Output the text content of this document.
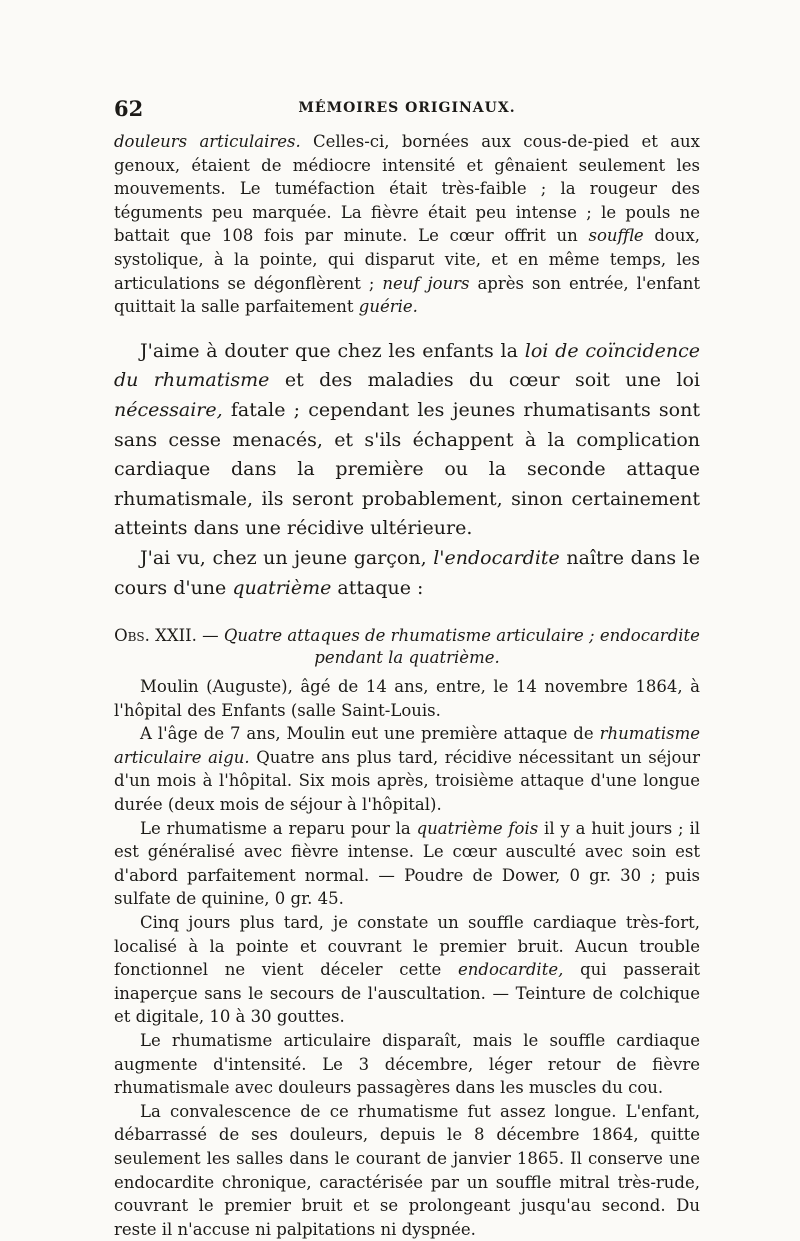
62	MÉMOIRES ORIGINAUX.

douleurs articulaires. Celles-ci, bornées aux cous-de-pied et aux genoux, étaient de médiocre intensité et gênaient seulement les mouvements. Le tuméfaction était très-faible ; la rougeur des téguments peu marquée. La fièvre était peu intense ; le pouls ne battait que 108 fois par minute. Le cœur offrit un souffle doux, systolique, à la pointe, qui disparut vite, et en même temps, les articulations se dégonflèrent ; neuf jours après son entrée, l'enfant quittait la salle parfaitement guérie.

J'aime à douter que chez les enfants la loi de coïncidence du rhumatisme et des maladies du cœur soit une loi nécessaire, fatale ; cependant les jeunes rhumatisants sont sans cesse menacés, et s'ils échappent à la complication cardiaque dans la première ou la seconde attaque rhumatismale, ils seront probablement, sinon certainement atteints dans une récidive ultérieure.

J'ai vu, chez un jeune garçon, l'endocardite naître dans le cours d'une quatrième attaque :

Obs. XXII. — Quatre attaques de rhumatisme articulaire ; endocardite
pendant la quatrième.

Moulin (Auguste), âgé de 14 ans, entre, le 14 novembre 1864, à l'hôpital des Enfants (salle Saint-Louis.

A l'âge de 7 ans, Moulin eut une première attaque de rhumatisme articulaire aigu. Quatre ans plus tard, récidive nécessitant un séjour d'un mois à l'hôpital. Six mois après, troisième attaque d'une longue durée (deux mois de séjour à l'hôpital).

Le rhumatisme a reparu pour la quatrième fois il y a huit jours ; il est généralisé avec fièvre intense. Le cœur ausculté avec soin est d'abord parfaitement normal. — Poudre de Dower, 0 gr. 30 ; puis sulfate de quinine, 0 gr. 45.

Cinq jours plus tard, je constate un souffle cardiaque très-fort, localisé à la pointe et couvrant le premier bruit. Aucun trouble fonctionnel ne vient déceler cette endocardite, qui passerait inaperçue sans le secours de l'auscultation. — Teinture de colchique et digitale, 10 à 30 gouttes.

Le rhumatisme articulaire disparaît, mais le souffle cardiaque augmente d'intensité. Le 3 décembre, léger retour de fièvre rhumatismale avec douleurs passagères dans les muscles du cou.

La convalescence de ce rhumatisme fut assez longue. L'enfant, débarrassé de ses douleurs, depuis le 8 décembre 1864, quitte seulement les salles dans le courant de janvier 1865. Il conserve une endocardite chronique, caractérisée par un souffle mitral très-rude, couvrant le premier bruit et se prolongeant jusqu'au second. Du reste il n'accuse ni palpitations ni dyspnée.
